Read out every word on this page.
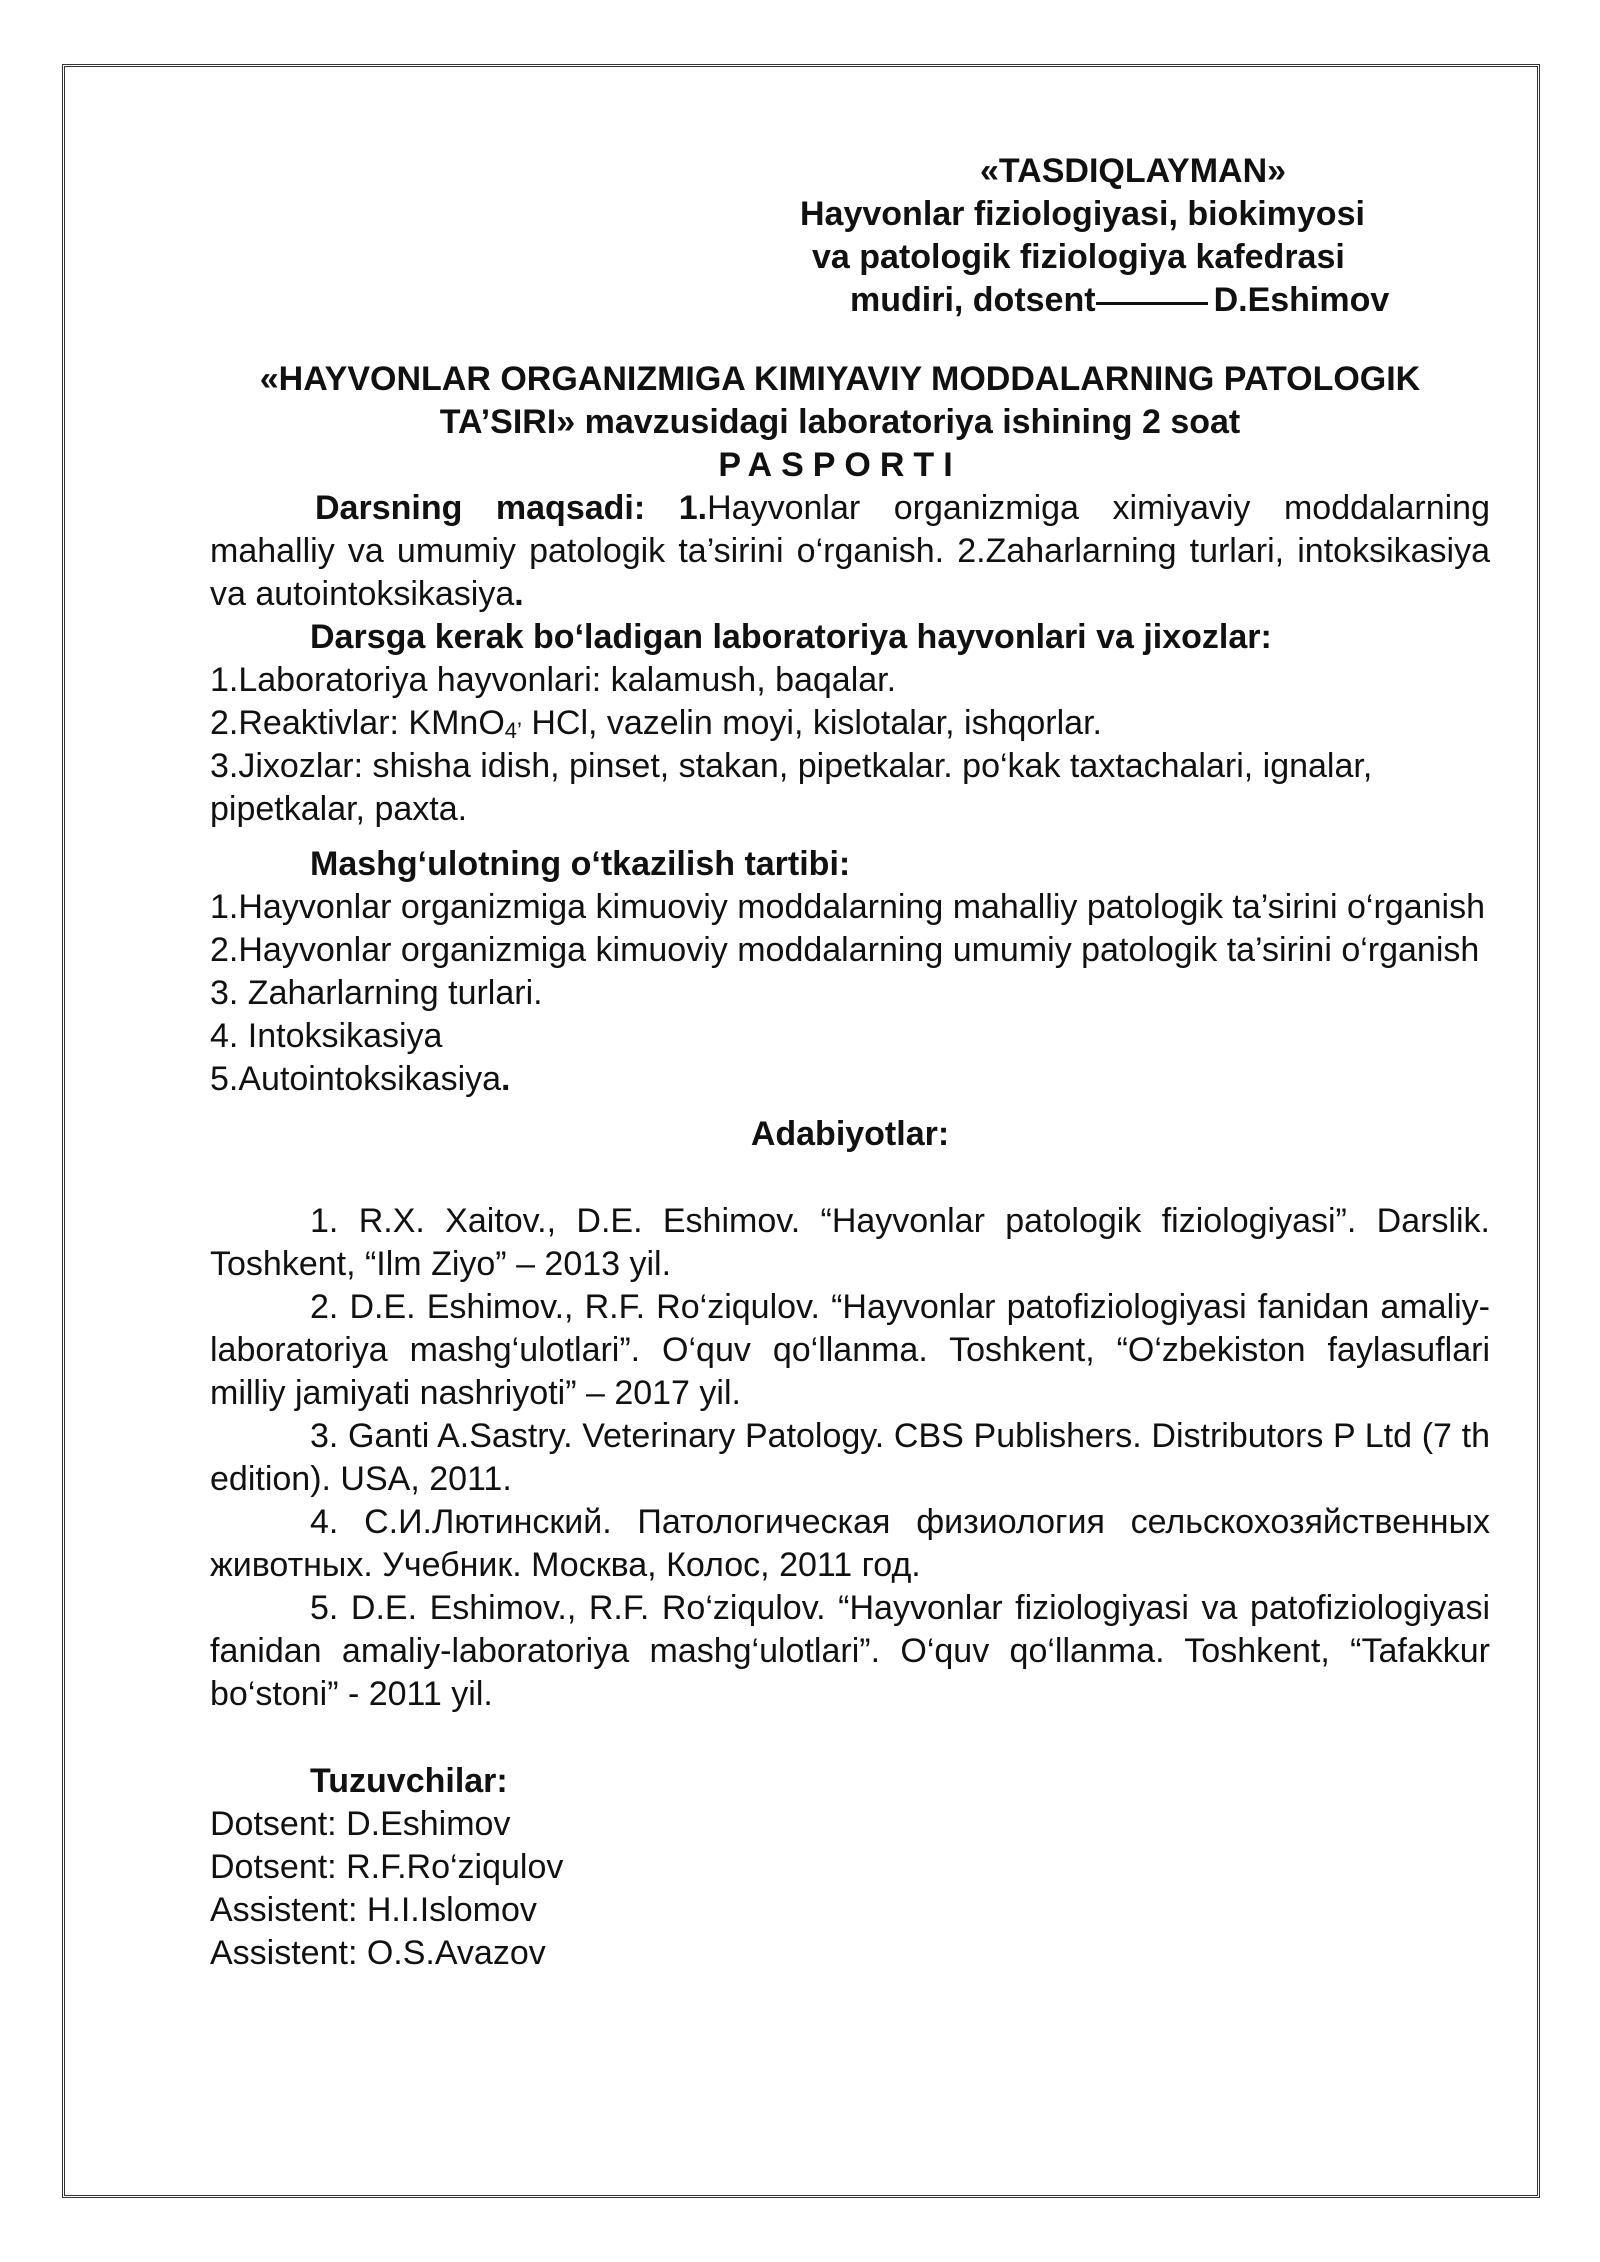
«TASDIQLAYMAN»
Hayvonlar fiziologiyasi, biokimyosi
va patologik fiziologiya kafedrasi
mudiri, dotsent	D.Eshimov
«HAYVONLAR ORGANIZMIGA KIMIYAVIY MODDALARNING PATOLOGIK
TA’SIRI» mavzusidagi laboratoriya ishining 2 soat
PASPORTI
Darsning maqsadi: 1.Hayvonlar organizmiga ximiyaviy moddalarning mahalliy va umumiy patologik ta’sirini o‘rganish. 2.Zaharlarning turlari, intoksikasiya va autointoksikasiya.
Darsga kerak bo‘ladigan laboratoriya hayvonlari va jixozlar:
1.Laboratoriya hayvonlari: kalamush, baqalar.
2.Reaktivlar: KMnO$_{4’}$ HCl, vazelin moyi, kislotalar, ishqorlar.
3.Jixozlar: shisha idish, pinset, stakan, pipetkalar. po‘kak taxtachalari, ignalar, pipetkalar, paxta.
Mashg‘ulotning o‘tkazilish tartibi:
1.Hayvonlar organizmiga kimuoviy moddalarning mahalliy patologik ta’sirini o‘rganish
2.Hayvonlar organizmiga kimuoviy moddalarning umumiy patologik ta’sirini o‘rganish
3. Zaharlarning turlari.
4. Intoksikasiya
5.Autointoksikasiya.
Adabiyotlar:
1. R.X. Xaitov., D.E. Eshimov. “Hayvonlar patologik fiziologiyasi”. Darslik. Toshkent, “Ilm Ziyo” – 2013 yil.
2. D.E. Eshimov., R.F. Ro‘ziqulov. “Hayvonlar patofiziologiyasi fanidan amaliy-laboratoriya mashg‘ulotlari”. O‘quv qo‘llanma. Toshkent, “O‘zbekiston faylasuflari milliy jamiyati nashriyoti” – 2017 yil.
3. Ganti A.Sastry. Veterinary Patology. CBS Publishers. Distributors P Ltd (7 th edition). USA, 2011.
4. С.И.Лютинский. Патологическая физиология сельскохозяйственных животных. Учебник. Москва, Колос, 2011 год.
5. D.E. Eshimov., R.F. Ro‘ziqulov. “Hayvonlar fiziologiyasi va patofiziologiyasi fanidan amaliy-laboratoriya mashg‘ulotlari”. O‘quv qo‘llanma. Toshkent, “Tafakkur bo‘stoni” - 2011 yil.
Tuzuvchilar:
Dotsent: D.Eshimov
Dotsent: R.F.Ro‘ziqulov
Assistent: H.I.Islomov
Assistent: O.S.Avazov
